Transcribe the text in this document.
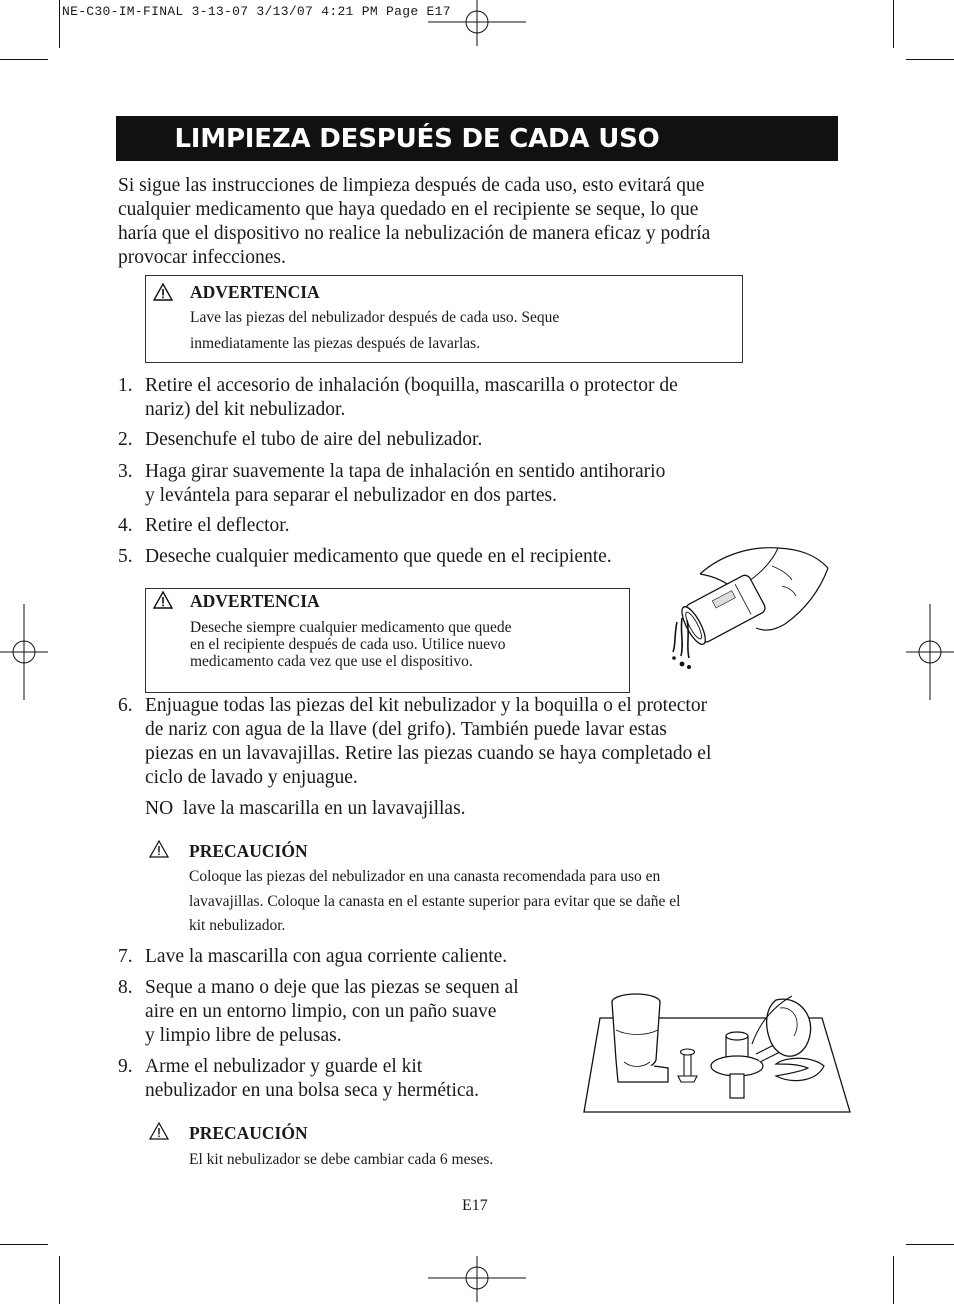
NE-C30-IM-FINAL 3-13-07 3/13/07 4:21 PM Page E17
LIMPIEZA DESPUÉS DE CADA USO
Si sigue las instrucciones de limpieza después de cada uso, esto evitará que
cualquier medicamento que haya quedado en el recipiente se seque, lo que
haría que el dispositivo no realice la nebulización de manera eficaz y podría
provocar infecciones.
ADVERTENCIA
Lave las piezas del nebulizador después de cada uso. Seque
inmediatamente las piezas después de lavarlas.
1. Retire el accesorio de inhalación (boquilla, mascarilla o protector de
nariz) del kit nebulizador.
2. Desenchufe el tubo de aire del nebulizador.
3. Haga girar suavemente la tapa de inhalación en sentido antihorario
y levántela para separar el nebulizador en dos partes.
4. Retire el deflector.
5. Deseche cualquier medicamento que quede en el recipiente.
ADVERTENCIA
Deseche siempre cualquier medicamento que quede
en el recipiente después de cada uso. Utilice nuevo
medicamento cada vez que use el dispositivo.
6. Enjuague todas las piezas del kit nebulizador y la boquilla o el protector
de nariz con agua de la llave (del grifo). También puede lavar estas
piezas en un lavavajillas. Retire las piezas cuando se haya completado el
ciclo de lavado y enjuague.
NO  lave la mascarilla en un lavavajillas.
PRECAUCIÓN
Coloque las piezas del nebulizador en una canasta recomendada para uso en
lavavajillas. Coloque la canasta en el estante superior para evitar que se dañe el
kit nebulizador.
7. Lave la mascarilla con agua corriente caliente.
8. Seque a mano o deje que las piezas se sequen al
aire en un entorno limpio, con un paño suave
y limpio libre de pelusas.
9. Arme el nebulizador y guarde el kit
nebulizador en una bolsa seca y hermética.
PRECAUCIÓN
El kit nebulizador se debe cambiar cada 6 meses.
E17
